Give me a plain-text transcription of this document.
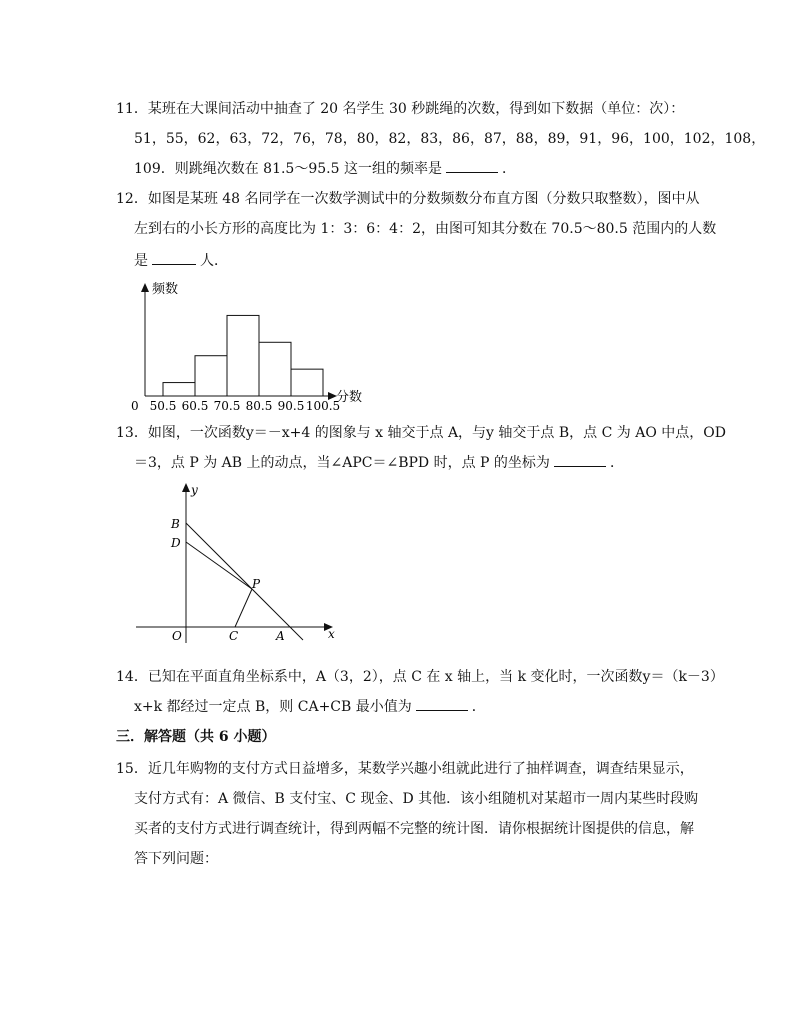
11．某班在大课间活动中抽查了 20 名学生 30 秒跳绳的次数，得到如下数据（单位：次）：
51，55，62，63，72，76，78，80，82，83，86，87，88，89，91，96，100，102，108，
109．则跳绳次数在 81.5～95.5 这一组的频率是	．
12．如图是某班 48 名同学在一次数学测试中的分数频数分布直方图（分数只取整数），图中从
左到右的小长方形的高度比为 1：3：6：4：2，由图可知其分数在 70.5～80.5 范围内的人数
是	人．
频数
分数
0 50.5 60.5 70.5 80.5 90.5 100.5
13．如图，一次函数y＝－x+4 的图象与 x 轴交于点 A，与y 轴交于点 B，点 C 为 AO 中点，OD
＝3，点 P 为 AB 上的动点，当∠APC＝∠BPD 时，点 P 的坐标为	．
y
x
B
D
P
O	C	A
14．已知在平面直角坐标系中，A（3，2），点 C 在 x 轴上，当 k 变化时，一次函数y＝（k－3）
x+k 都经过一定点 B，则 CA+CB 最小值为	．
三．解答题（共 6 小题）
15．近几年购物的支付方式日益增多，某数学兴趣小组就此进行了抽样调查，调查结果显示，
支付方式有：A 微信、B 支付宝、C 现金、D 其他．该小组随机对某超市一周内某些时段购
买者的支付方式进行调查统计，得到两幅不完整的统计图．请你根据统计图提供的信息，解
答下列问题：
